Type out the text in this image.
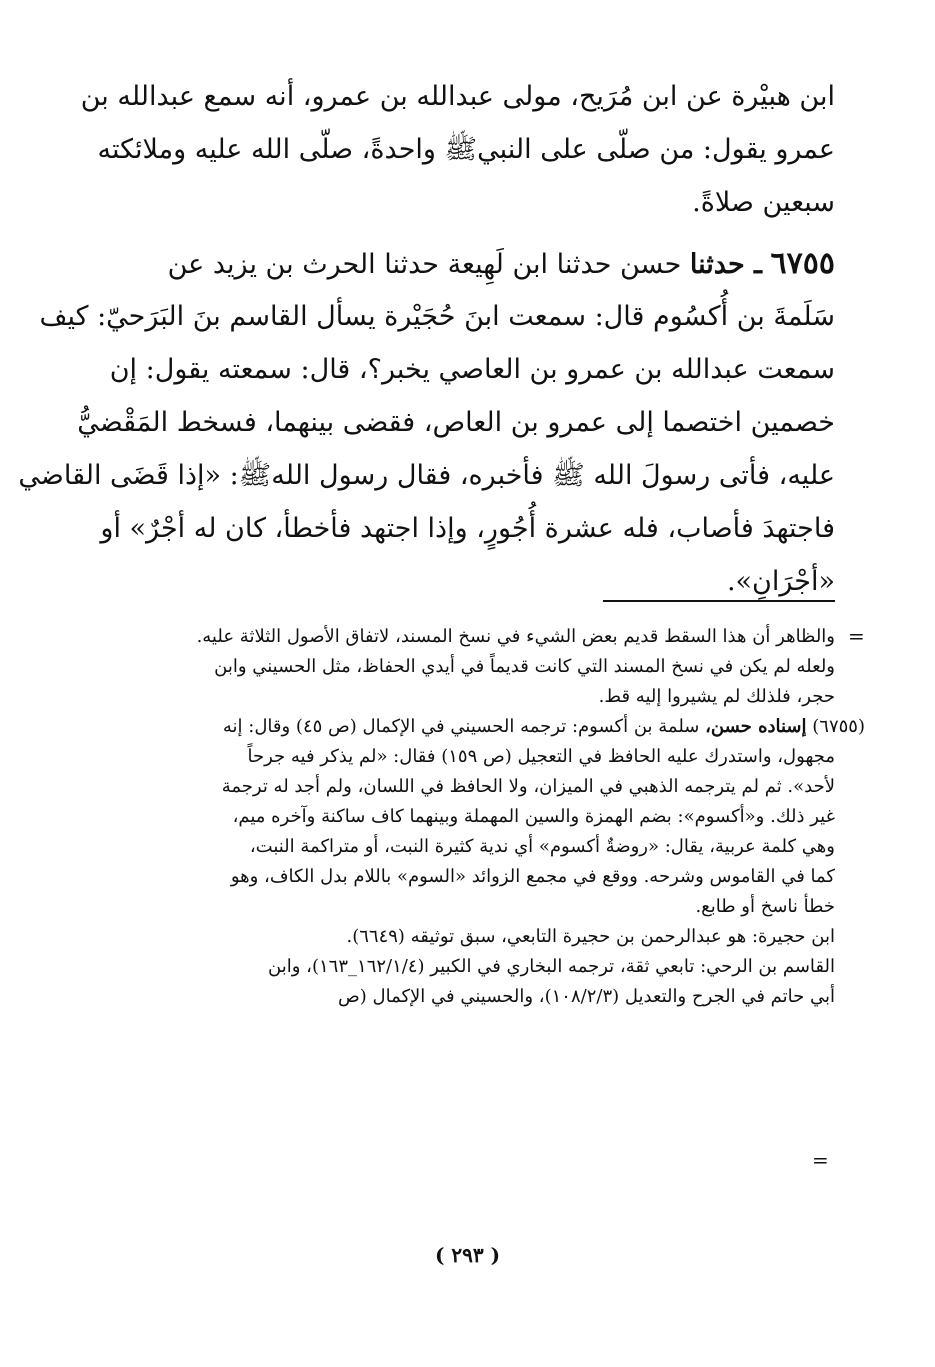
ابن هبيْرة عن ابن مُرَيح، مولى عبدالله بن عمرو، أنه سمع عبدالله بن
عمرو يقول: من صلّى على النبيﷺ واحدةً، صلّى الله عليه وملائكته
سبعين صلاةً.
٦٧٥٥ ـ حدثنا حسن حدثنا ابن لَهِيعة حدثنا الحرث بن يزيد عن
سَلَمةَ بن أُكسُوم قال: سمعت ابنَ حُجَيْرة يسأل القاسم بنَ البَرَحيّ: كيف
سمعت عبدالله بن عمرو بن العاصي يخبر؟، قال: سمعته يقول: إن
خصمين اختصما إلى عمرو بن العاص، فقضى بينهما، فسخط المَقْضيُّ
عليه، فأتى رسولَ الله ﷺ فأخبره، فقال رسول اللهﷺ: «إذا قَضَى القاضي
فاجتهدَ فأصاب، فله عشرة أُجُورٍ، وإذا اجتهد فأخطأ، كان له أجْرٌ» أو
«أجْرَانِ».
=
والظاهر أن هذا السقط قديم بعض الشيء في نسخ المسند، لاتفاق الأصول الثلاثة عليه.
ولعله لم يكن في نسخ المسند التي كانت قديماً في أيدي الحفاظ، مثل الحسيني وابن
حجر، فلذلك لم يشيروا إليه قط.
(٦٧٥٥) إسناده حسن، سلمة بن أكسوم: ترجمه الحسيني في الإكمال (ص ٤٥) وقال: إنه
مجهول، واستدرك عليه الحافظ في التعجيل (ص ١٥٩) فقال: «لم يذكر فيه جرحاً
لأحد». ثم لم يترجمه الذهبي في الميزان، ولا الحافظ في اللسان، ولم أجد له ترجمة
غير ذلك. و«أكسوم»: بضم الهمزة والسين المهملة وبينهما كاف ساكنة وآخره ميم،
وهي كلمة عربية، يقال: «روضةٌ أكسوم» أي ندية كثيرة النبت، أو متراكمة النبت،
كما في القاموس وشرحه. ووقع في مجمع الزوائد «السوم» باللام بدل الكاف، وهو
خطأ ناسخ أو طابع.
ابن حجيرة: هو عبدالرحمن بن حجيرة التابعي، سبق توثيقه (٦٦٤٩).
القاسم بن الرحي: تابعي ثقة، ترجمه البخاري في الكبير (١٦٢/١/٤_١٦٣)، وابن
أبي حاتم في الجرح والتعديل (١٠٨/٢/٣)، والحسيني في الإكمال (ص
=
( ٢٩٣ )
